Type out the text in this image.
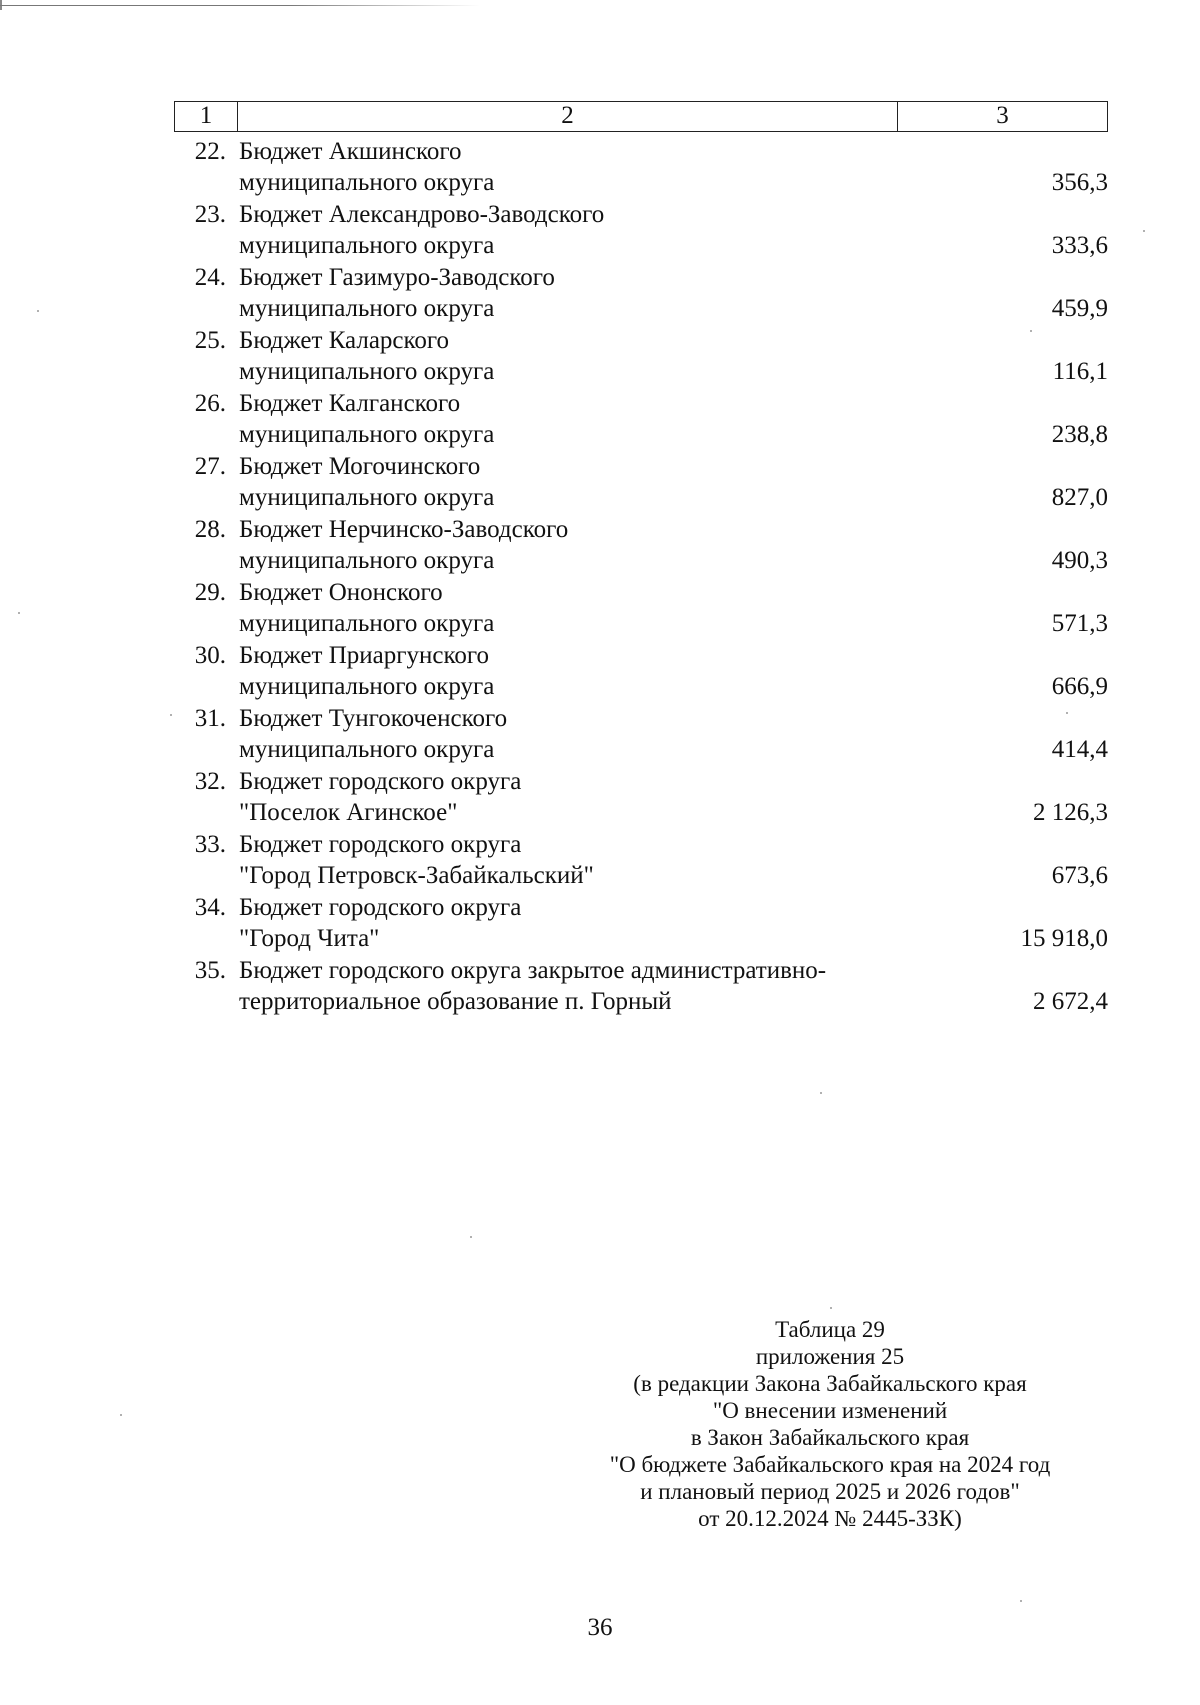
1	2	3
22. Бюджет Акшинского
муниципального округа	356,3
23. Бюджет Александрово-Заводского
муниципального округа	333,6
24. Бюджет Газимуро-Заводского
муниципального округа	459,9
25. Бюджет Каларского
муниципального округа	116,1
26. Бюджет Калганского
муниципального округа	238,8
27. Бюджет Могочинского
муниципального округа	827,0
28. Бюджет Нерчинско-Заводского
муниципального округа	490,3
29. Бюджет Ононского
муниципального округа	571,3
30. Бюджет Приаргунского
муниципального округа	666,9
31. Бюджет Тунгокоченского
муниципального округа	414,4
32. Бюджет городского округа
"Поселок Агинское"	2 126,3
33. Бюджет городского округа
"Город Петровск-Забайкальский"	673,6
34. Бюджет городского округа
"Город Чита"	15 918,0
35. Бюджет городского округа закрытое административно-
территориальное образование п. Горный	2 672,4
Таблица 29
приложения 25
(в редакции Закона Забайкальского края
"О внесении изменений
в Закон Забайкальского края
"О бюджете Забайкальского края на 2024 год
и плановый период 2025 и 2026 годов"
от 20.12.2024 № 2445-ЗЗК)
36
